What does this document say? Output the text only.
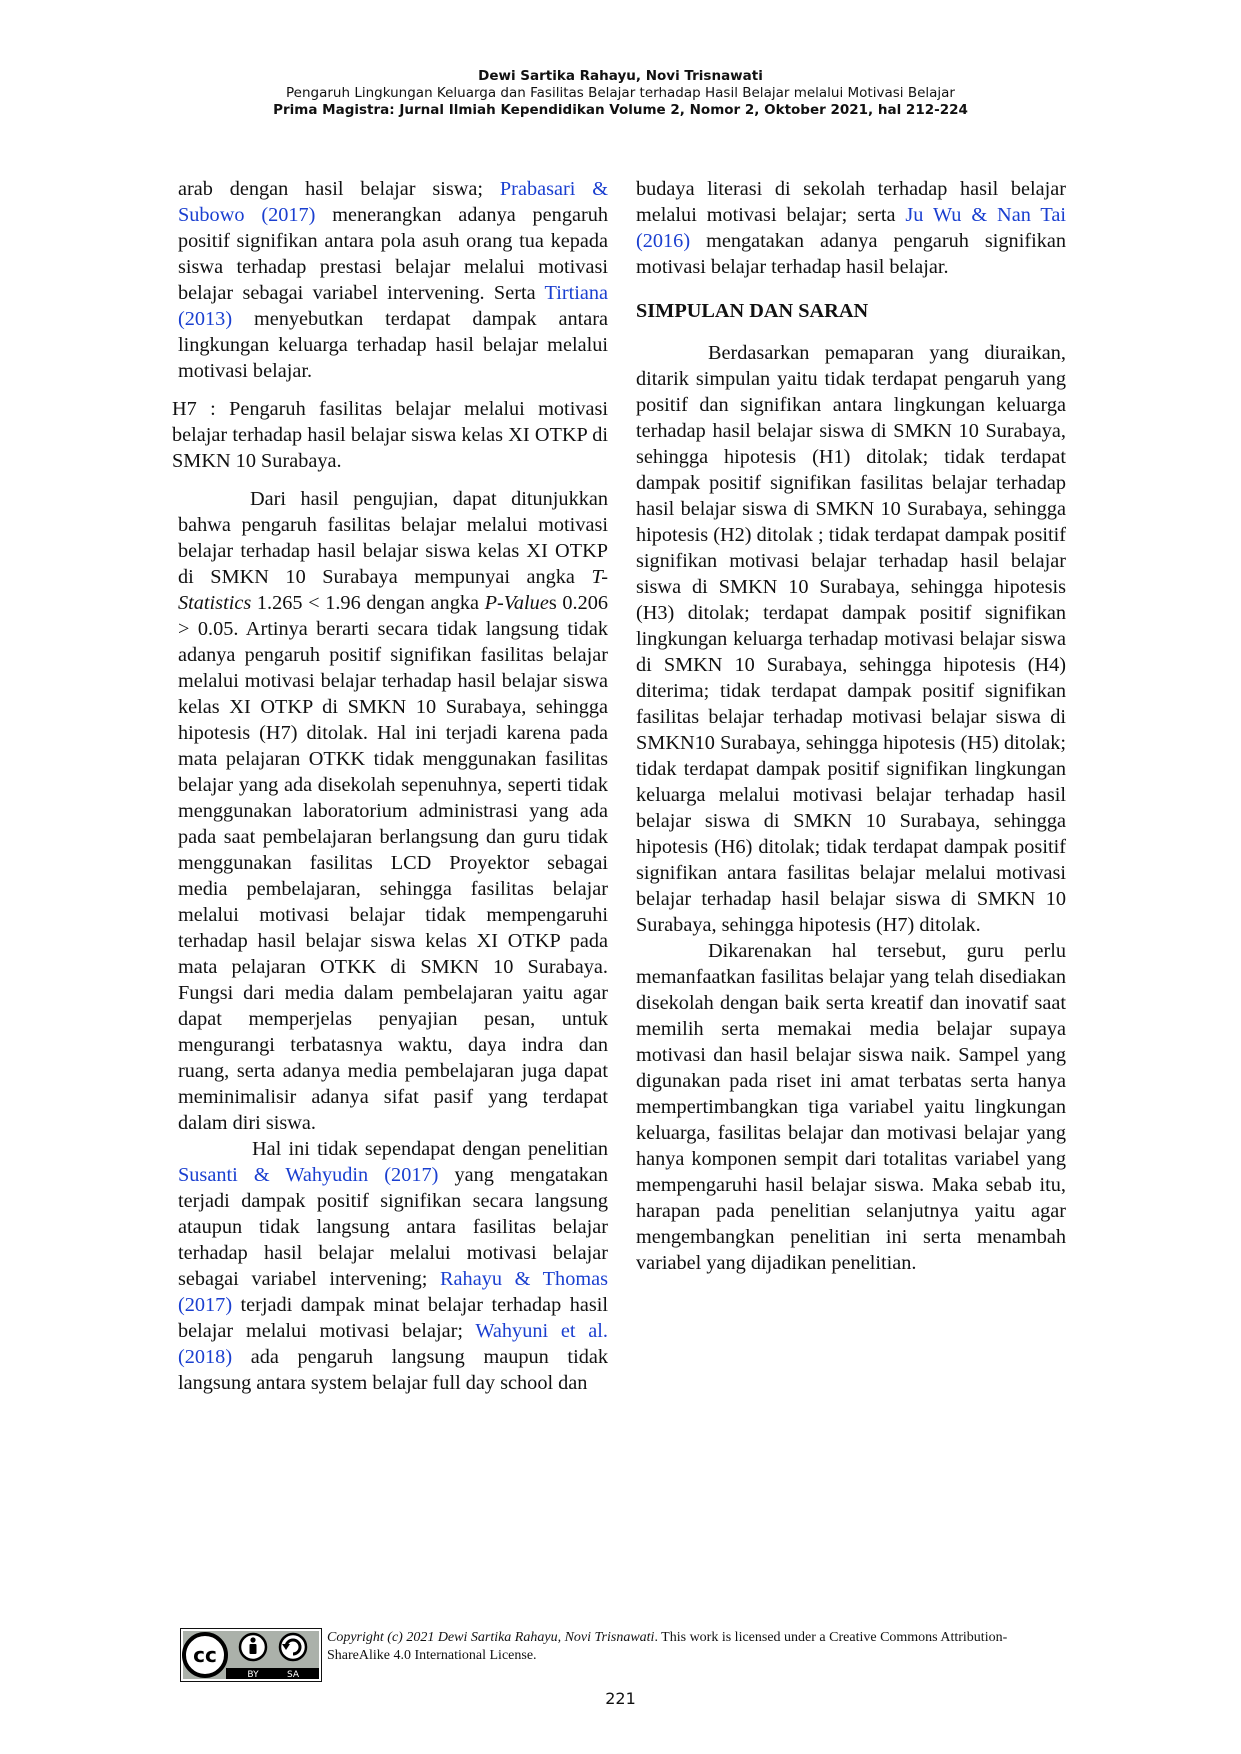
Dewi Sartika Rahayu, Novi Trisnawati
Pengaruh Lingkungan Keluarga dan Fasilitas Belajar terhadap Hasil Belajar melalui Motivasi Belajar
Prima Magistra: Jurnal Ilmiah Kependidikan Volume 2, Nomor 2, Oktober 2021, hal 212-224

arab dengan hasil belajar siswa; Prabasari & Subowo (2017) menerangkan adanya pengaruh positif signifikan antara pola asuh orang tua kepada siswa terhadap prestasi belajar melalui motivasi belajar sebagai variabel intervening. Serta Tirtiana (2013) menyebutkan terdapat dampak antara lingkungan keluarga terhadap hasil belajar melalui motivasi belajar.

H7 : Pengaruh fasilitas belajar melalui motivasi belajar terhadap hasil belajar siswa kelas XI OTKP di SMKN 10 Surabaya.

Dari hasil pengujian, dapat ditunjukkan bahwa pengaruh fasilitas belajar melalui motivasi belajar terhadap hasil belajar siswa kelas XI OTKP di SMKN 10 Surabaya mempunyai angka T-Statistics 1.265 < 1.96 dengan angka P-Values 0.206 > 0.05. Artinya berarti secara tidak langsung tidak adanya pengaruh positif signifikan fasilitas belajar melalui motivasi belajar terhadap hasil belajar siswa kelas XI OTKP di SMKN 10 Surabaya, sehingga hipotesis (H7) ditolak. Hal ini terjadi karena pada mata pelajaran OTKK tidak menggunakan fasilitas belajar yang ada disekolah sepenuhnya, seperti tidak menggunakan laboratorium administrasi yang ada pada saat pembelajaran berlangsung dan guru tidak menggunakan fasilitas LCD Proyektor sebagai media pembelajaran, sehingga fasilitas belajar melalui motivasi belajar tidak mempengaruhi terhadap hasil belajar siswa kelas XI OTKP pada mata pelajaran OTKK di SMKN 10 Surabaya. Fungsi dari media dalam pembelajaran yaitu agar dapat memperjelas penyajian pesan, untuk mengurangi terbatasnya waktu, daya indra dan ruang, serta adanya media pembelajaran juga dapat meminimalisir adanya sifat pasif yang terdapat dalam diri siswa.

Hal ini tidak sependapat dengan penelitian Susanti & Wahyudin (2017) yang mengatakan terjadi dampak positif signifikan secara langsung ataupun tidak langsung antara fasilitas belajar terhadap hasil belajar melalui motivasi belajar sebagai variabel intervening; Rahayu & Thomas (2017) terjadi dampak minat belajar terhadap hasil belajar melalui motivasi belajar; Wahyuni et al. (2018) ada pengaruh langsung maupun tidak langsung antara system belajar full day school dan

budaya literasi di sekolah terhadap hasil belajar melalui motivasi belajar; serta Ju Wu & Nan Tai (2016) mengatakan adanya pengaruh signifikan motivasi belajar terhadap hasil belajar.

SIMPULAN DAN SARAN

Berdasarkan pemaparan yang diuraikan, ditarik simpulan yaitu tidak terdapat pengaruh yang positif dan signifikan antara lingkungan keluarga terhadap hasil belajar siswa di SMKN 10 Surabaya, sehingga hipotesis (H1) ditolak; tidak terdapat dampak positif signifikan fasilitas belajar terhadap hasil belajar siswa di SMKN 10 Surabaya, sehingga hipotesis (H2) ditolak ; tidak terdapat dampak positif signifikan motivasi belajar terhadap hasil belajar siswa di SMKN 10 Surabaya, sehingga hipotesis (H3) ditolak; terdapat dampak positif signifikan lingkungan keluarga terhadap motivasi belajar siswa di SMKN 10 Surabaya, sehingga hipotesis (H4) diterima; tidak terdapat dampak positif signifikan fasilitas belajar terhadap motivasi belajar siswa di SMKN10 Surabaya, sehingga hipotesis (H5) ditolak; tidak terdapat dampak positif signifikan lingkungan keluarga melalui motivasi belajar terhadap hasil belajar siswa di SMKN 10 Surabaya, sehingga hipotesis (H6) ditolak; tidak terdapat dampak positif signifikan antara fasilitas belajar melalui motivasi belajar terhadap hasil belajar siswa di SMKN 10 Surabaya, sehingga hipotesis (H7) ditolak.

Dikarenakan hal tersebut, guru perlu memanfaatkan fasilitas belajar yang telah disediakan disekolah dengan baik serta kreatif dan inovatif saat memilih serta memakai media belajar supaya motivasi dan hasil belajar siswa naik. Sampel yang digunakan pada riset ini amat terbatas serta hanya mempertimbangkan tiga variabel yaitu lingkungan keluarga, fasilitas belajar dan motivasi belajar yang hanya komponen sempit dari totalitas variabel yang mempengaruhi hasil belajar siswa. Maka sebab itu, harapan pada penelitian selanjutnya yaitu agar mengembangkan penelitian ini serta menambah variabel yang dijadikan penelitian.

cc
BY	SA
Copyright (c) 2021 Dewi Sartika Rahayu, Novi Trisnawati. This work is licensed under a Creative Commons Attribution-ShareAlike 4.0 International License.
221
